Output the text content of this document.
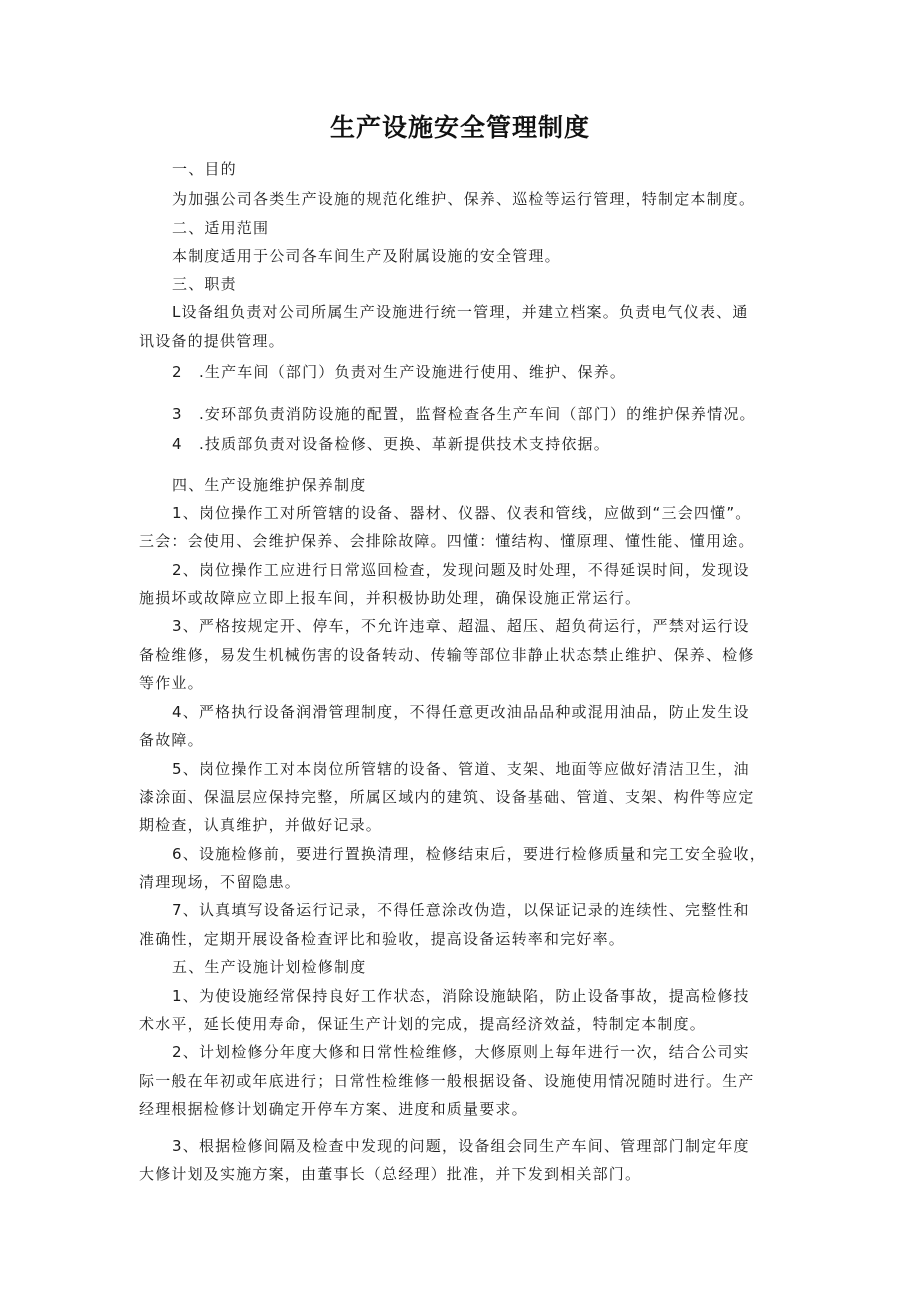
生产设施安全管理制度
一、目的
为加强公司各类生产设施的规范化维护、保养、巡检等运行管理，特制定本制度。
二、适用范围
本制度适用于公司各车间生产及附属设施的安全管理。
三、职责
L设备组负责对公司所属生产设施进行统一管理，并建立档案。负责电气仪表、通
讯设备的提供管理。
2　.生产车间（部门）负责对生产设施进行使用、维护、保养。
3　.安环部负责消防设施的配置，监督检查各生产车间（部门）的维护保养情况。
4　.技质部负责对设备检修、更换、革新提供技术支持依据。
四、生产设施维护保养制度
1、岗位操作工对所管辖的设备、器材、仪器、仪表和管线，应做到“三会四懂”。
三会：会使用、会维护保养、会排除故障。四懂：懂结构、懂原理、懂性能、懂用途。
2、岗位操作工应进行日常巡回检查，发现问题及时处理，不得延误时间，发现设
施损坏或故障应立即上报车间，并积极协助处理，确保设施正常运行。
3、严格按规定开、停车，不允许违章、超温、超压、超负荷运行，严禁对运行设
备检维修，易发生机械伤害的设备转动、传输等部位非静止状态禁止维护、保养、检修
等作业。
4、严格执行设备润滑管理制度，不得任意更改油品品种或混用油品，防止发生设
备故障。
5、岗位操作工对本岗位所管辖的设备、管道、支架、地面等应做好清洁卫生，油
漆涂面、保温层应保持完整，所属区域内的建筑、设备基础、管道、支架、构件等应定
期检查，认真维护，并做好记录。
6、设施检修前，要进行置换清理，检修结束后，要进行检修质量和完工安全验收，
清理现场，不留隐患。
7、认真填写设备运行记录，不得任意涂改伪造，以保证记录的连续性、完整性和
准确性，定期开展设备检查评比和验收，提高设备运转率和完好率。
五、生产设施计划检修制度
1、为使设施经常保持良好工作状态，消除设施缺陷，防止设备事故，提高检修技
术水平，延长使用寿命，保证生产计划的完成，提高经济效益，特制定本制度。
2、计划检修分年度大修和日常性检维修，大修原则上每年进行一次，结合公司实
际一般在年初或年底进行；日常性检维修一般根据设备、设施使用情况随时进行。生产
经理根据检修计划确定开停车方案、进度和质量要求。
3、根据检修间隔及检查中发现的问题，设备组会同生产车间、管理部门制定年度
大修计划及实施方案，由董事长（总经理）批准，并下发到相关部门。
